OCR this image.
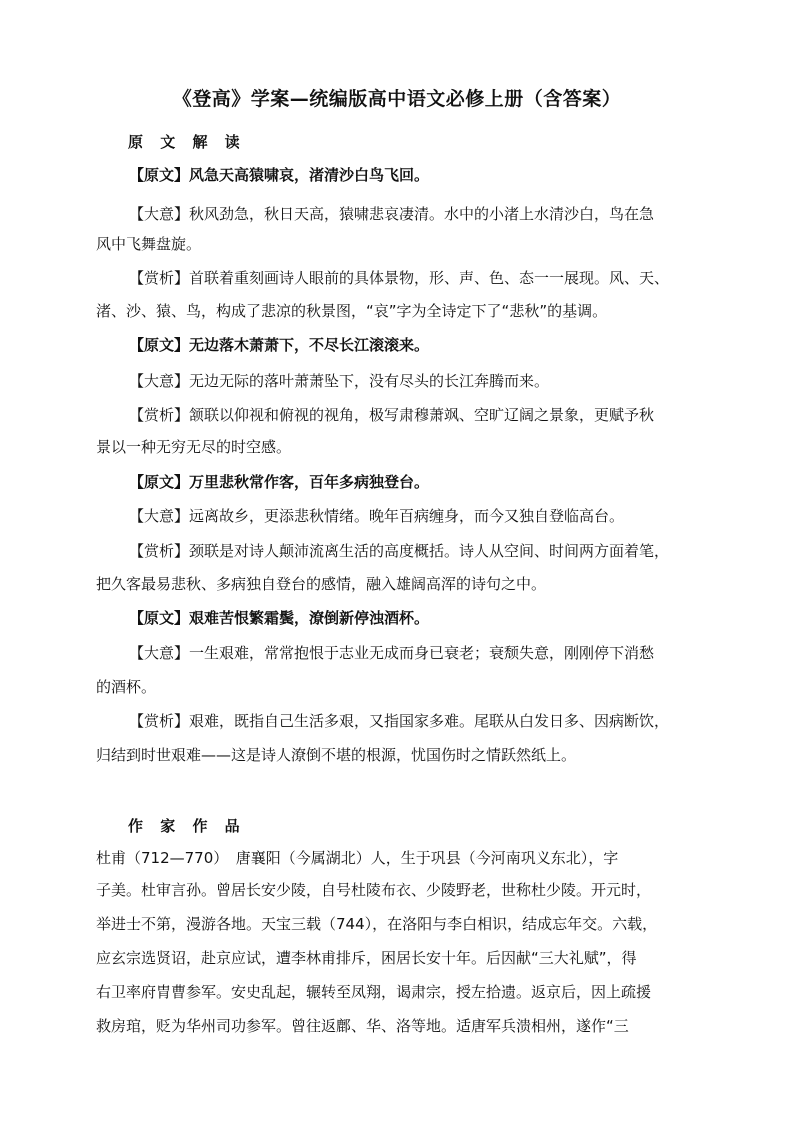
《登高》学案—统编版高中语文必修上册（含答案）
原 文 解 读
【原文】风急天高猿啸哀，渚清沙白鸟飞回。
【大意】秋风劲急，秋日天高，猿啸悲哀凄清。水中的小渚上水清沙白，鸟在急
风中飞舞盘旋。
【赏析】首联着重刻画诗人眼前的具体景物，形、声、色、态一一展现。风、天、
渚、沙、猿、鸟，构成了悲凉的秋景图，“哀”字为全诗定下了“悲秋”的基调。
【原文】无边落木萧萧下，不尽长江滚滚来。
【大意】无边无际的落叶萧萧坠下，没有尽头的长江奔腾而来。
【赏析】颔联以仰视和俯视的视角，极写肃穆萧飒、空旷辽阔之景象，更赋予秋
景以一种无穷无尽的时空感。
【原文】万里悲秋常作客，百年多病独登台。
【大意】远离故乡，更添悲秋情绪。晚年百病缠身，而今又独自登临高台。
【赏析】颈联是对诗人颠沛流离生活的高度概括。诗人从空间、时间两方面着笔，
把久客最易悲秋、多病独自登台的感情，融入雄阔高浑的诗句之中。
【原文】艰难苦恨繁霜鬓，潦倒新停浊酒杯。
【大意】一生艰难，常常抱恨于志业无成而身已衰老；衰颓失意，刚刚停下消愁
的酒杯。
【赏析】艰难，既指自己生活多艰，又指国家多难。尾联从白发日多、因病断饮，
归结到时世艰难——这是诗人潦倒不堪的根源，忧国伤时之情跃然纸上。
作 家 作 品
杜甫（712—770）　唐襄阳（今属湖北）人，生于巩县（今河南巩义东北），字
子美。杜审言孙。曾居长安少陵，自号杜陵布衣、少陵野老，世称杜少陵。开元时，
举进士不第，漫游各地。天宝三载（744），在洛阳与李白相识，结成忘年交。六载，
应玄宗选贤诏，赴京应试，遭李林甫排斥，困居长安十年。后因献“三大礼赋”，得
右卫率府胄曹参军。安史乱起，辗转至凤翔，谒肃宗，授左拾遗。返京后，因上疏援
救房琯，贬为华州司功参军。曾往返鄜、华、洛等地。适唐军兵溃相州，遂作“三
